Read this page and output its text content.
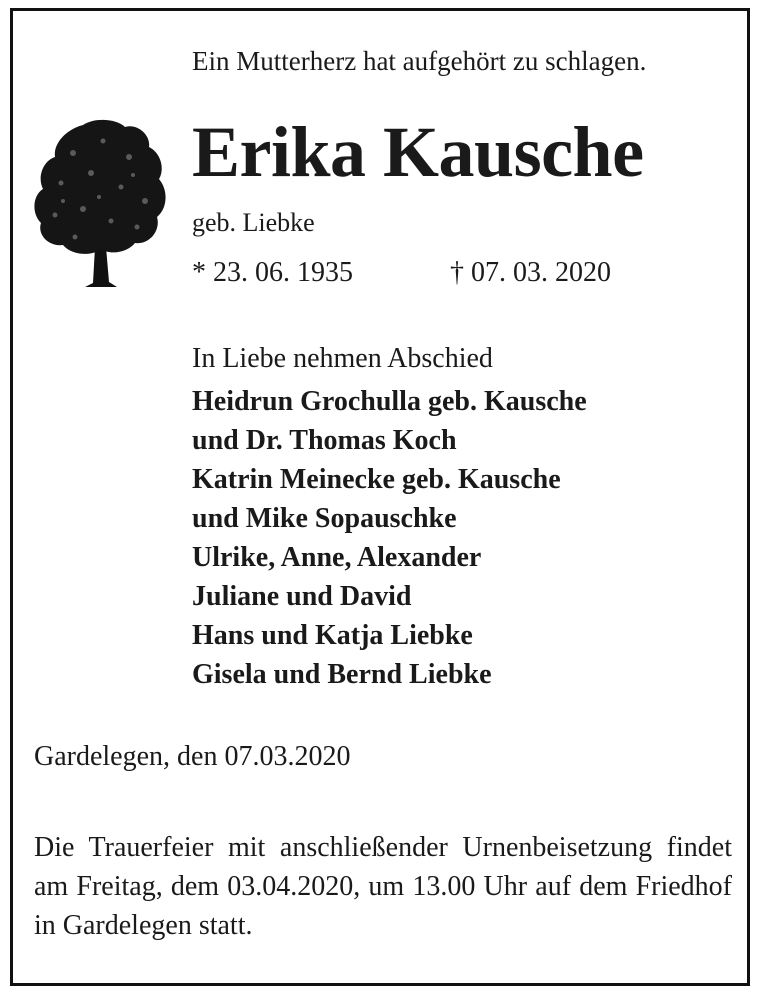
Ein Mutterherz hat aufgehört zu schlagen.
Erika Kausche
geb. Liebke
* 23. 06. 1935	† 07. 03. 2020
In Liebe nehmen Abschied
Heidrun Grochulla geb. Kausche
und Dr. Thomas Koch
Katrin Meinecke geb. Kausche
und Mike Sopauschke
Ulrike, Anne, Alexander
Juliane und David
Hans und Katja Liebke
Gisela und Bernd Liebke
Gardelegen, den 07.03.2020
Die Trauerfeier mit anschließender Urnenbeisetzung findet am Freitag, dem 03.04.2020, um 13.00 Uhr auf dem Friedhof in Gardelegen statt.
